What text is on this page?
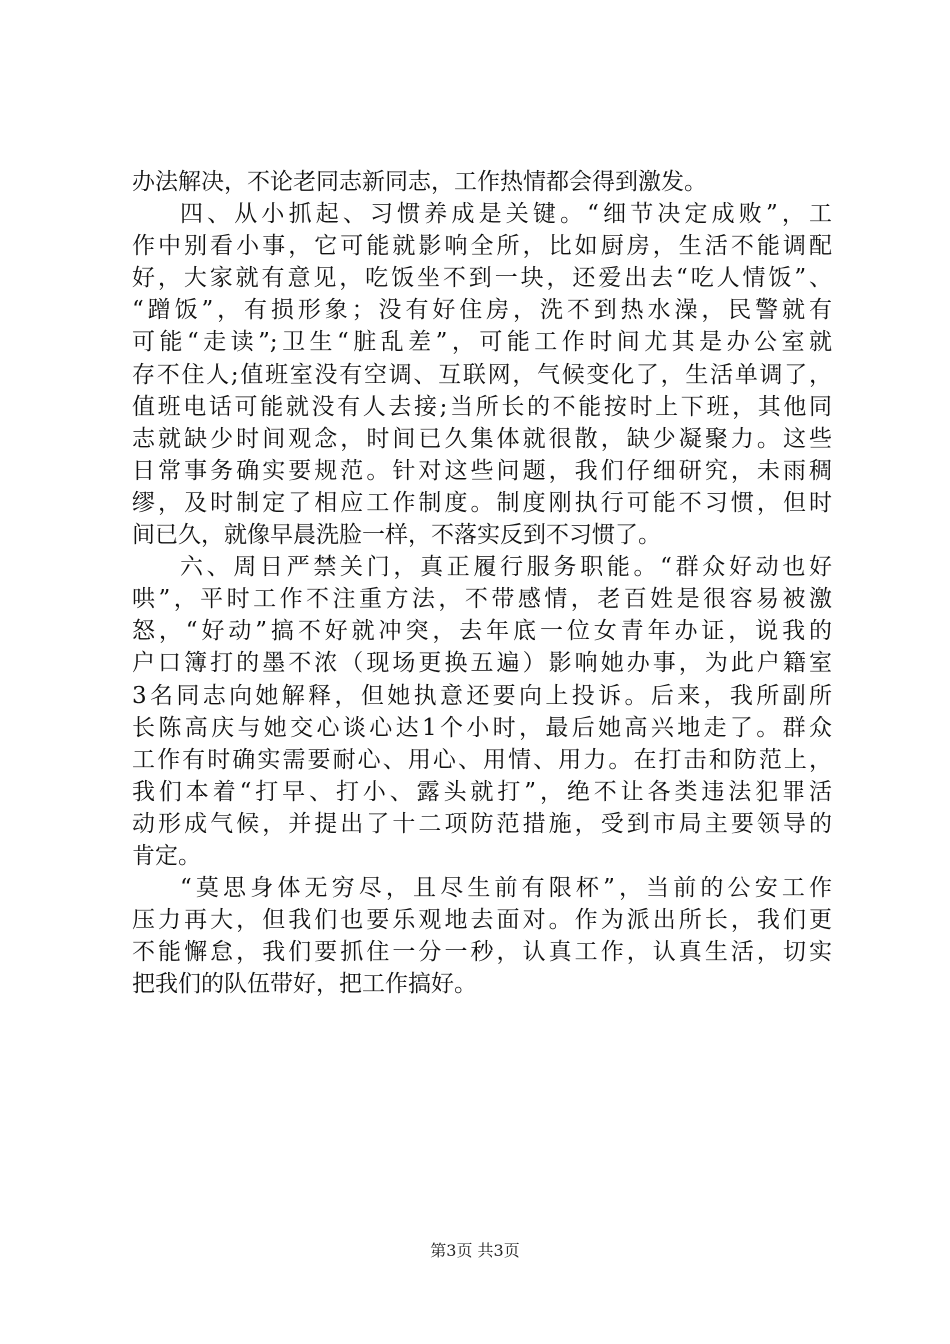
办法解决，不论老同志新同志，工作热情都会得到激发。
四、从小抓起、习惯养成是关键。“细节决定成败”，工
作中别看小事，它可能就影响全所，比如厨房，生活不能调配
好，大家就有意见，吃饭坐不到一块，还爱出去“吃人情饭”、
“蹭饭”，有损形象；没有好住房，洗不到热水澡，民警就有
可能“走读”;卫生“脏乱差”，可能工作时间尤其是办公室就
存不住人;值班室没有空调、互联网，气候变化了，生活单调了，
值班电话可能就没有人去接;当所长的不能按时上下班，其他同
志就缺少时间观念，时间已久集体就很散，缺少凝聚力。这些
日常事务确实要规范。针对这些问题，我们仔细研究，未雨稠
缪，及时制定了相应工作制度。制度刚执行可能不习惯，但时
间已久，就像早晨洗脸一样，不落实反到不习惯了。
六、周日严禁关门，真正履行服务职能。“群众好动也好
哄”，平时工作不注重方法，不带感情，老百姓是很容易被激
怒，“好动”搞不好就冲突，去年底一位女青年办证，说我的
户口簿打的墨不浓（现场更换五遍）影响她办事，为此户籍室
3名同志向她解释，但她执意还要向上投诉。后来，我所副所
长陈高庆与她交心谈心达1个小时，最后她高兴地走了。群众
工作有时确实需要耐心、用心、用情、用力。在打击和防范上，
我们本着“打早、打小、露头就打”，绝不让各类违法犯罪活
动形成气候，并提出了十二项防范措施，受到市局主要领导的
肯定。
“莫思身体无穷尽，且尽生前有限杯”，当前的公安工作
压力再大，但我们也要乐观地去面对。作为派出所长，我们更
不能懈怠，我们要抓住一分一秒，认真工作，认真生活，切实
把我们的队伍带好，把工作搞好。
第3页 共3页
